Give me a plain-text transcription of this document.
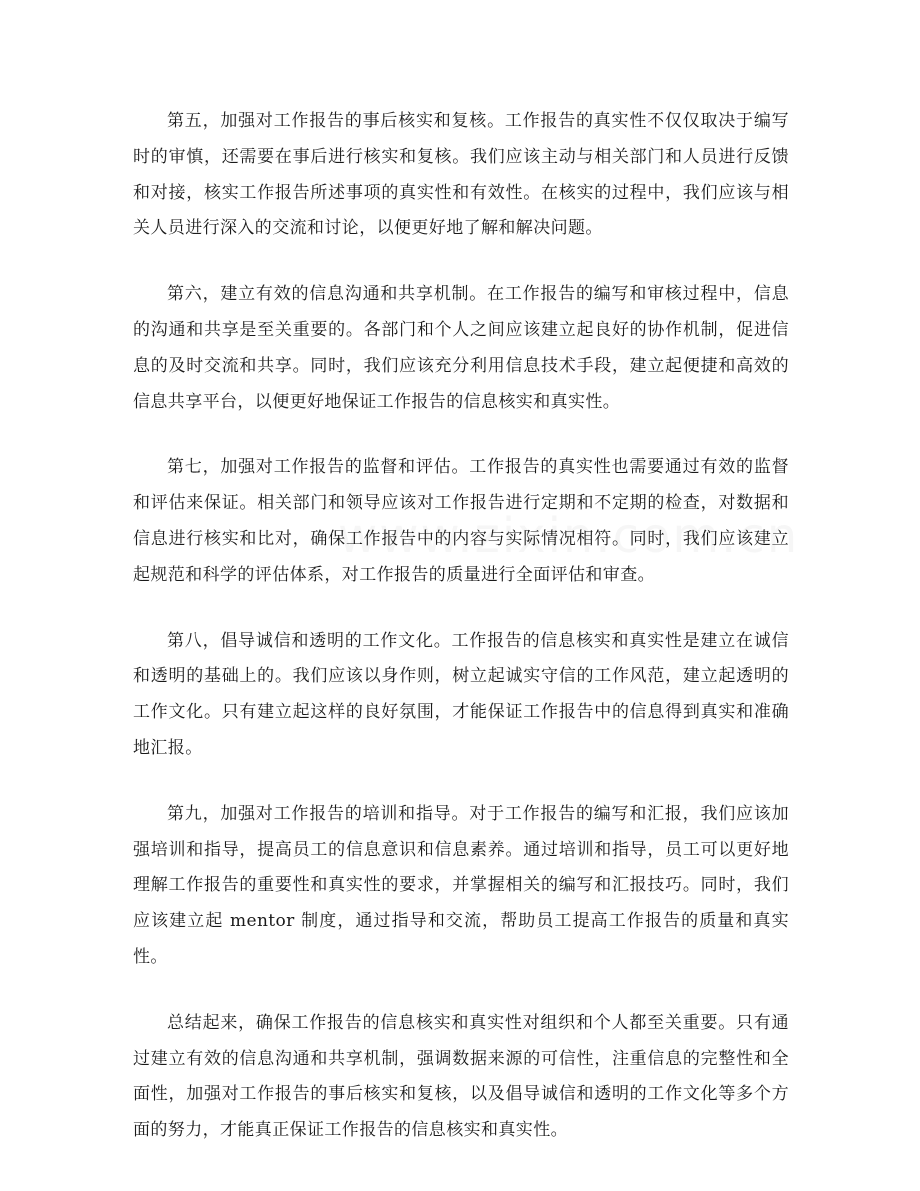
第五，加强对工作报告的事后核实和复核。工作报告的真实性不仅仅取决于编写时的审慎，还需要在事后进行核实和复核。我们应该主动与相关部门和人员进行反馈和对接，核实工作报告所述事项的真实性和有效性。在核实的过程中，我们应该与相关人员进行深入的交流和讨论，以便更好地了解和解决问题。

第六，建立有效的信息沟通和共享机制。在工作报告的编写和审核过程中，信息的沟通和共享是至关重要的。各部门和个人之间应该建立起良好的协作机制，促进信息的及时交流和共享。同时，我们应该充分利用信息技术手段，建立起便捷和高效的信息共享平台，以便更好地保证工作报告的信息核实和真实性。

第七，加强对工作报告的监督和评估。工作报告的真实性也需要通过有效的监督和评估来保证。相关部门和领导应该对工作报告进行定期和不定期的检查，对数据和信息进行核实和比对，确保工作报告中的内容与实际情况相符。同时，我们应该建立起规范和科学的评估体系，对工作报告的质量进行全面评估和审查。

第八，倡导诚信和透明的工作文化。工作报告的信息核实和真实性是建立在诚信和透明的基础上的。我们应该以身作则，树立起诚实守信的工作风范，建立起透明的工作文化。只有建立起这样的良好氛围，才能保证工作报告中的信息得到真实和准确地汇报。

第九，加强对工作报告的培训和指导。对于工作报告的编写和汇报，我们应该加强培训和指导，提高员工的信息意识和信息素养。通过培训和指导，员工可以更好地理解工作报告的重要性和真实性的要求，并掌握相关的编写和汇报技巧。同时，我们应该建立起 mentor 制度，通过指导和交流，帮助员工提高工作报告的质量和真实性。

总结起来，确保工作报告的信息核实和真实性对组织和个人都至关重要。只有通过建立有效的信息沟通和共享机制，强调数据来源的可信性，注重信息的完整性和全面性，加强对工作报告的事后核实和复核，以及倡导诚信和透明的工作文化等多个方面的努力，才能真正保证工作报告的信息核实和真实性。
